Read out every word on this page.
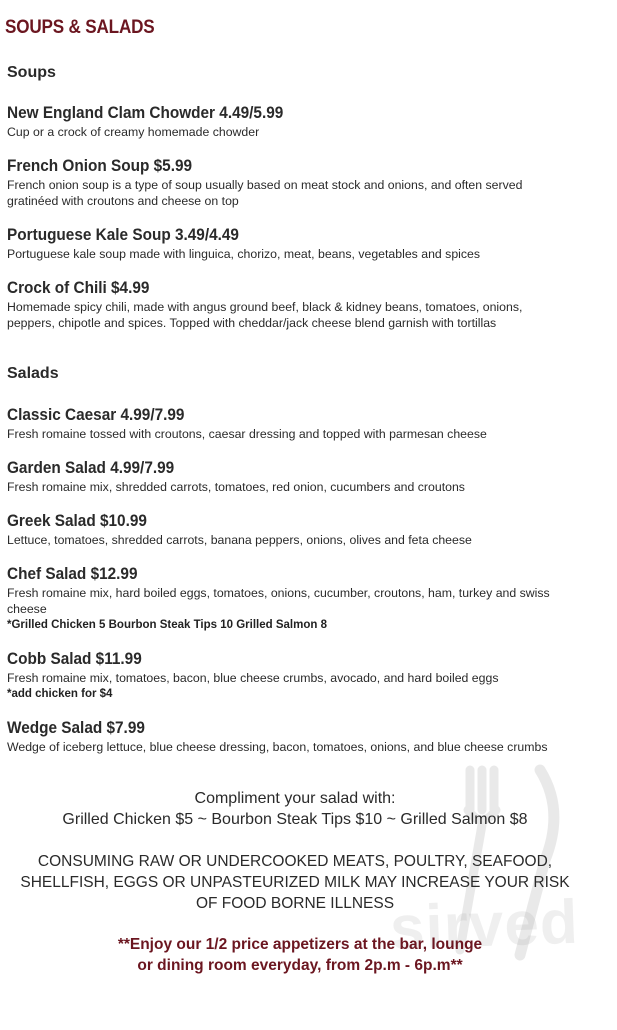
SOUPS & SALADS
Soups
New England Clam Chowder 4.49/5.99
Cup or a crock of creamy homemade chowder
French Onion Soup $5.99
French onion soup is a type of soup usually based on meat stock and onions, and often served gratinéed with croutons and cheese on top
Portuguese Kale Soup 3.49/4.49
Portuguese kale soup made with linguica, chorizo, meat, beans, vegetables and spices
Crock of Chili $4.99
Homemade spicy chili, made with angus ground beef, black & kidney beans, tomatoes, onions, peppers, chipotle and spices. Topped with cheddar/jack cheese blend garnish with tortillas
Salads
Classic Caesar 4.99/7.99
Fresh romaine tossed with croutons, caesar dressing and topped with parmesan cheese
Garden Salad 4.99/7.99
Fresh romaine mix, shredded carrots, tomatoes, red onion, cucumbers and croutons
Greek Salad $10.99
Lettuce, tomatoes, shredded carrots, banana peppers, onions, olives and feta cheese
Chef Salad $12.99
Fresh romaine mix, hard boiled eggs, tomatoes, onions, cucumber, croutons, ham, turkey and swiss cheese
*Grilled Chicken 5 Bourbon Steak Tips 10 Grilled Salmon 8
Cobb Salad $11.99
Fresh romaine mix, tomatoes, bacon, blue cheese crumbs, avocado, and hard boiled eggs
*add chicken for $4
Wedge Salad $7.99
Wedge of iceberg lettuce, blue cheese dressing, bacon, tomatoes, onions, and blue cheese crumbs
sirved
Compliment your salad with:
Grilled Chicken $5 ~ Bourbon Steak Tips $10 ~ Grilled Salmon $8
CONSUMING RAW OR UNDERCOOKED MEATS, POULTRY, SEAFOOD,
SHELLFISH, EGGS OR UNPASTEURIZED MILK MAY INCREASE YOUR RISK
OF FOOD BORNE ILLNESS
**Enjoy our 1/2 price appetizers at the bar, lounge
or dining room everyday, from 2p.m - 6p.m**
